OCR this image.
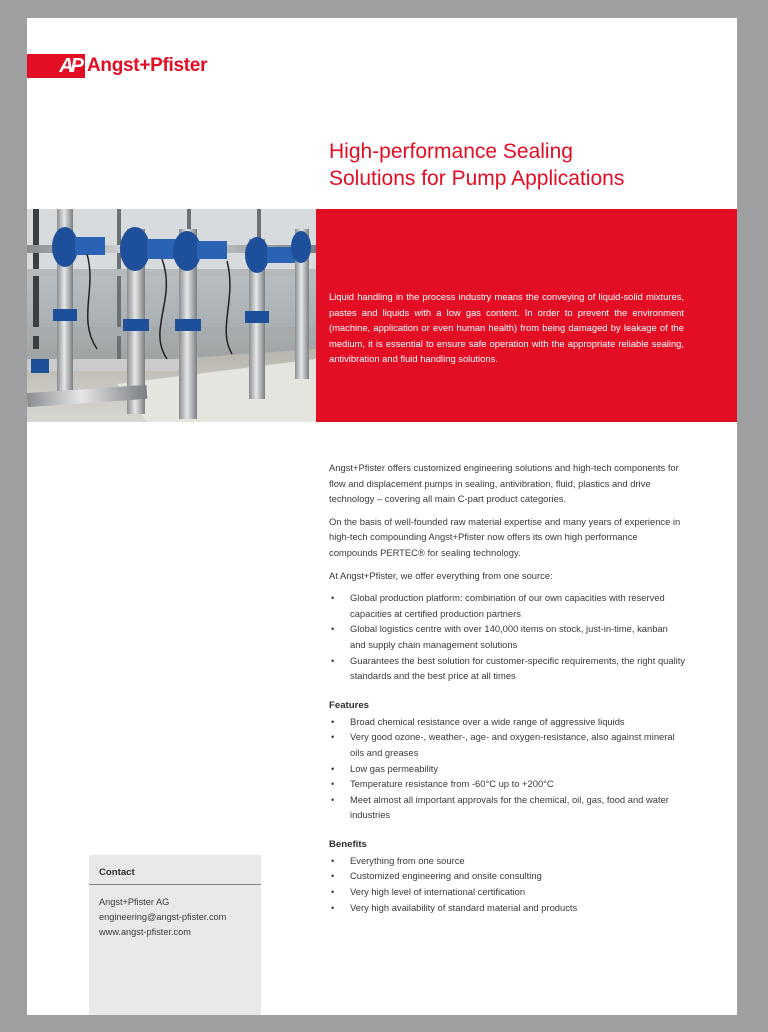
AP Angst+Pfister
High-performance Sealing
Solutions for Pump Applications

Liquid handling in the process industry means the conveying of liquid-solid mixtures, pastes and liquids with a low gas content. In order to prevent the environment (machine, application or even human health) from being damaged by leakage of the medium, it is essential to ensure safe operation with the appropriate reliable sealing, antivibration and fluid handling solutions.

Angst+Pfister offers customized engineering solutions and high-tech components for flow and displacement pumps in sealing, antivibration, fluid, plastics and drive technology – covering all main C-part product categories.

On the basis of well-founded raw material expertise and many years of experience in high-tech compounding Angst+Pfister now offers its own high performance compounds PERTEC® for sealing technology.

At Angst+Pfister, we offer everything from one source:

• Global production platform: combination of our own capacities with reserved capacities at certified production partners
• Global logistics centre with over 140,000 items on stock, just-in-time, kanban and supply chain management solutions
• Guarantees the best solution for customer-specific requirements, the right quality standards and the best price at all times
Features
• Broad chemical resistance over a wide range of aggressive liquids
• Very good ozone-, weather-, age- and oxygen-resistance, also against mineral oils and greases
• Low gas permeability
• Temperature resistance from -60°C up to +200°C
• Meet almost all important approvals for the chemical, oil, gas, food and water industries
Benefits
• Everything from one source
• Customized engineering and onsite consulting
• Very high level of international certification
• Very high availability of standard material and products
Contact
Angst+Pfister AG
engineering@angst-pfister.com
www.angst-pfister.com
